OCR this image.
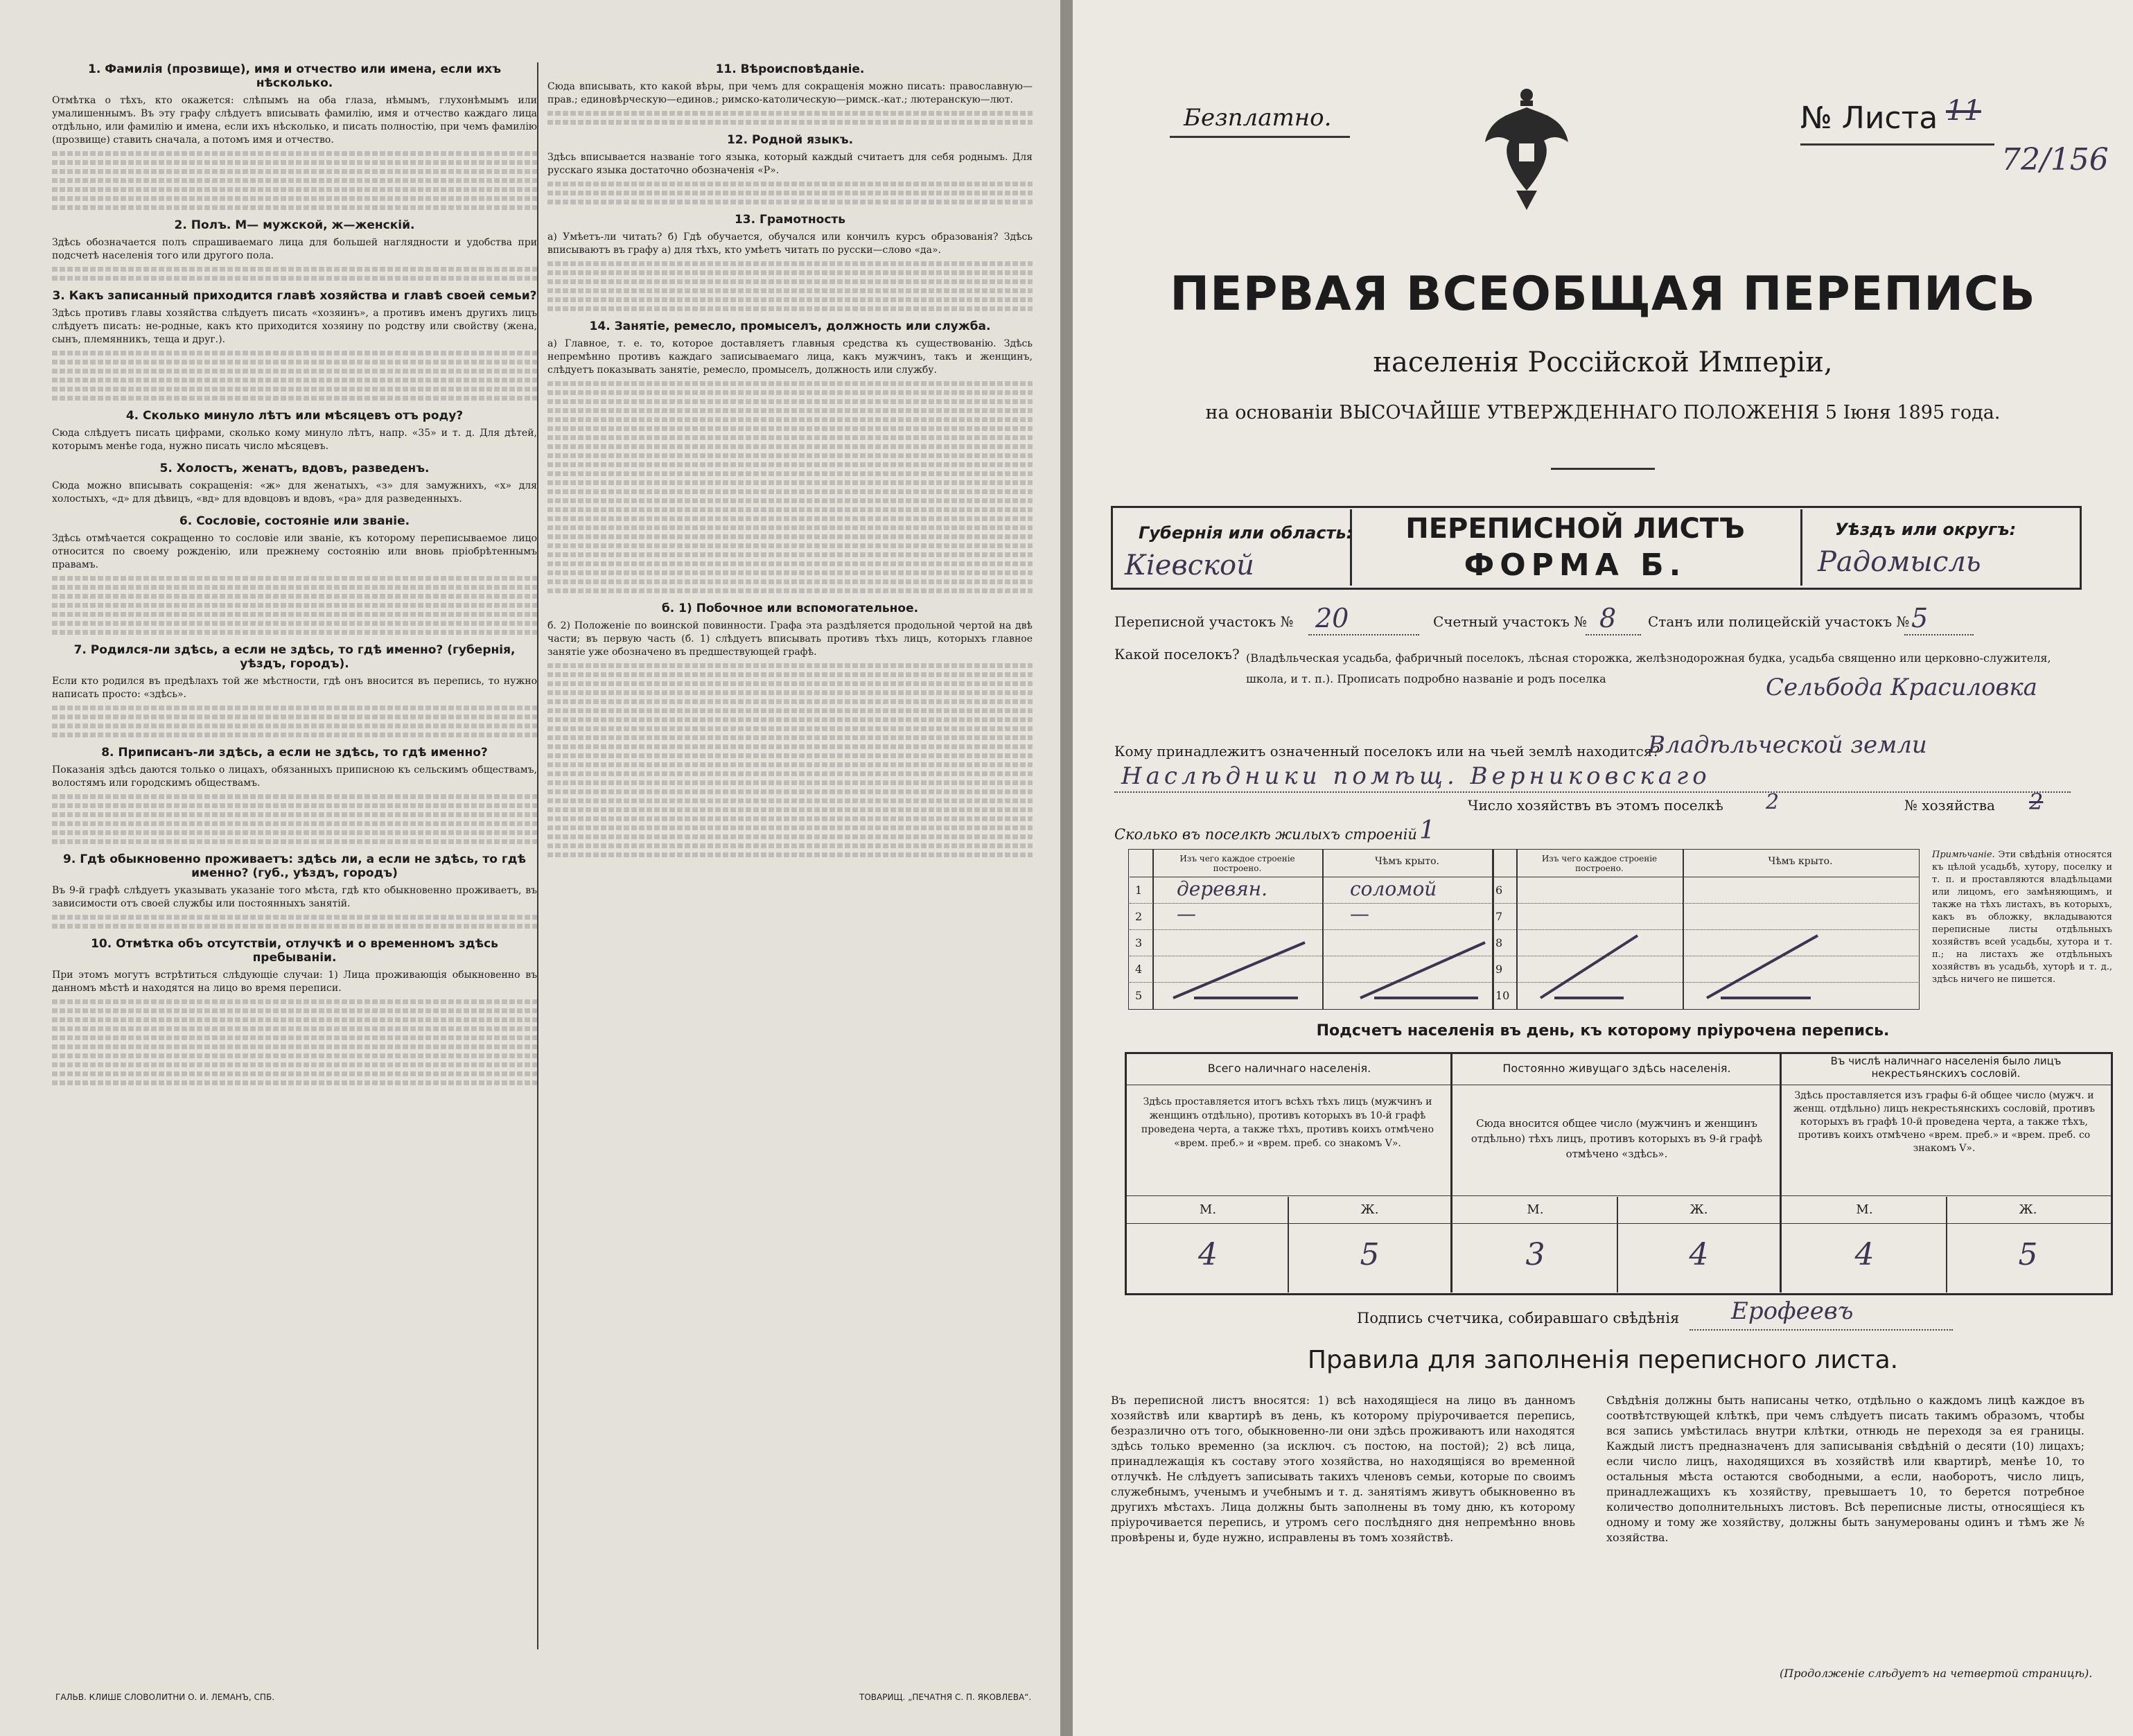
1. Фамилія (прозвище), имя и отчество или имена, если ихъ нѣсколько.
Отмѣтка о тѣхъ, кто окажется: слѣпымъ на оба глаза, нѣмымъ, глухонѣмымъ или умалишеннымъ. Въ эту графу слѣдуетъ вписывать фамилію, имя и отчество каждаго лица отдѣльно, или фамилію и имена, если ихъ нѣсколько, и писать полностію, при чемъ фамилію (прозвище) ставить сначала, а потомъ имя и отчество.
2. Полъ. М— мужской, ж—женскій.
Здѣсь обозначается полъ спрашиваемаго лица для большей наглядности и удобства при подсчетѣ населенія того или другого пола.
3. Какъ записанный приходится главѣ хозяйства и главѣ своей семьи?
Здѣсь противъ главы хозяйства слѣдуетъ писать «хозяинъ», а противъ именъ другихъ лицъ слѣдуетъ писать: не-родные, какъ кто приходится хозяину по родству или свойству (жена, сынъ, племянникъ, теща и друг.).
4. Сколько минуло лѣтъ или мѣсяцевъ отъ роду?
Сюда слѣдуетъ писать цифрами, сколько кому минуло лѣтъ, напр. «35» и т. д. Для дѣтей, которымъ менѣе года, нужно писать число мѣсяцевъ.
5. Холостъ, женатъ, вдовъ, разведенъ.
Сюда можно вписывать сокращенія: «ж» для женатыхъ, «з» для замужнихъ, «х» для холостыхъ, «д» для дѣвицъ, «вд» для вдовцовъ и вдовъ, «ра» для разведенныхъ.
6. Сословіе, состояніе или званіе.
Здѣсь отмѣчается сокращенно то сословіе или званіе, къ которому переписываемое лицо относится по своему рожденію, или прежнему состоянію или вновь пріобрѣтеннымъ правамъ.
7. Родился-ли здѣсь, а если не здѣсь, то гдѣ именно? (губернія, уѣздъ, городъ).
Если кто родился въ предѣлахъ той же мѣстности, гдѣ онъ вносится въ перепись, то нужно написать просто: «здѣсь».
8. Приписанъ-ли здѣсь, а если не здѣсь, то гдѣ именно?
Показанія здѣсь даются только о лицахъ, обязанныхъ приписною къ сельскимъ обществамъ, волостямъ или городскимъ обществамъ.
9. Гдѣ обыкновенно проживаетъ: здѣсь ли, а если не здѣсь, то гдѣ именно? (губ., уѣздъ, городъ)
Въ 9-й графѣ слѣдуетъ указывать указаніе того мѣста, гдѣ кто обыкновенно проживаетъ, въ зависимости отъ своей службы или постоянныхъ занятій.
10. Отмѣтка объ отсутствіи, отлучкѣ и о временномъ здѣсь пребываніи.
При этомъ могутъ встрѣтиться слѣдующіе случаи: 1) Лица проживающія обыкновенно въ данномъ мѣстѣ и находятся на лицо во время переписи.
11. Вѣроисповѣданіе.
Сюда вписывать, кто какой вѣры, при чемъ для сокращенія можно писать: православную—прав.; единовѣрческую—единов.; римско-католическую—римск.-кат.; лютеранскую—лют.
12. Родной языкъ.
Здѣсь вписывается названіе того языка, который каждый считаетъ для себя роднымъ. Для русскаго языка достаточно обозначенія «Р».
13. Грамотность
а) Умѣетъ-ли читать? б) Гдѣ обучается, обучался или кончилъ курсъ образованія? Здѣсь вписываютъ въ графу а) для тѣхъ, кто умѣетъ читать по русски—слово «да».
14. Занятіе, ремесло, промыселъ, должность или служба.
а) Главное, т. е. то, которое доставляетъ главныя средства къ существованію. Здѣсь непремѣнно противъ каждаго записываемаго лица, какъ мужчинъ, такъ и женщинъ, слѣдуетъ показывать занятіе, ремесло, промыселъ, должность или службу.
б. 1) Побочное или вспомогательное.
б. 2) Положеніе по воинской повинности. Графа эта раздѣляется продольной чертой на двѣ части; въ первую часть (б. 1) слѣдуетъ вписывать противъ тѣхъ лицъ, которыхъ главное занятіе уже обозначено въ предшествующей графѣ.
ГАЛЬВ. КЛИШЕ СЛОВОЛИТНИ О. И. ЛЕМАНЪ, СПБ.	ТОВАРИЩ. „ПЕЧАТНЯ С. П. ЯКОВЛЕВА“.
Безплатно.	№ Листа 11
72/156
ПЕРВАЯ ВСЕОБЩАЯ ПЕРЕПИСЬ
населенія Россійской Имперіи,
на основаніи ВЫСОЧАЙШЕ УТВЕРЖДЕННАГО ПОЛОЖЕНІЯ 5 Іюня 1895 года.
Губернія или область:
Кіевской
ПЕРЕПИСНОЙ ЛИСТЪ
ФОРМА Б.
Уѣздъ или округъ:
Радомысль
Переписной участокъ № 20	Счетный участокъ № 8 Станъ или полицейскій участокъ № 5
Какой поселокъ? (Владѣльческая усадьба, фабричный поселокъ, лѣсная сторожка, желѣзнодорожная будка, усадьба священно или церковно-служителя, школа, и т. п.). Прописать подробно названіе и родъ поселка	Сельбода Красиловка
Кому принадлежитъ означенный поселокъ или на чьей землѣ находится?
Владѣльческой земли
Наслѣдники помѣщ. Верниковскаго
Число хозяйствъ въ этомъ поселкѣ 2	№ хозяйства 2
Сколько въ поселкѣ жилыхъ строеній 1
Изъ чего каждое строеніе построено.
Чѣмъ крыто.	Изъ чего каждое строеніе построено.
Чѣмъ крыто.
1 деревян.	соломой
2 —	—
3
4
5
6
7
8
9
10
Примѣчаніе. Эти свѣдѣнія относятся къ цѣлой усадьбѣ, хутору, поселку и т. п. и проставляются владѣльцами или лицомъ, его замѣняющимъ, и также на тѣхъ листахъ, въ которыхъ, какъ въ обложку, вкладываются переписные листы отдѣльныхъ хозяйствъ всей усадьбы, хутора и т. п.; на листахъ же отдѣльныхъ хозяйствъ въ усадьбѣ, хуторѣ и т. д., здѣсь ничего не пишется.
Подсчетъ населенія въ день, къ которому пріурочена перепись.
Всего наличнаго населенія.	Постоянно живущаго здѣсь населенія.
Въ числѣ наличнаго населенія было лицъ некрестьянскихъ сословій.
Здѣсь проставляется итогъ всѣхъ тѣхъ лицъ (мужчинъ и женщинъ отдѣльно), противъ которыхъ въ 10-й графѣ проведена черта, а также тѣхъ, противъ коихъ отмѣчено «врем. преб.» и «врем. преб. со знакомъ V».
Сюда вносится общее число (мужчинъ и женщинъ отдѣльно) тѣхъ лицъ, противъ которыхъ въ 9-й графѣ отмѣчено «здѣсь».
Здѣсь проставляется изъ графы 6-й общее число (мужч. и женщ. отдѣльно) лицъ некрестьянскихъ сословій, противъ которыхъ въ графѣ 10-й проведена черта, а также тѣхъ, противъ коихъ отмѣчено «врем. преб.» и «врем. преб. со знакомъ V».
М.	Ж.	М.	Ж.	М.	Ж.
4	5	3	4	4	5
Подпись счетчика, собиравшаго свѣдѣнія Ерофеевъ
Правила для заполненія переписного листа.
Въ переписной листъ вносятся: 1) всѣ находящіеся на лицо въ данномъ хозяйствѣ или квартирѣ въ день, къ которому пріурочивается перепись, безразлично отъ того, обыкновенно-ли они здѣсь проживаютъ или находятся здѣсь только временно (за исключ. съ постою, на постой); 2) всѣ лица, принадлежащія къ составу этого хозяйства, но находящіяся во временной отлучкѣ. Не слѣдуетъ записывать такихъ членовъ семьи, которые по своимъ служебнымъ, ученымъ и учебнымъ и т. д. занятіямъ живутъ обыкновенно въ другихъ мѣстахъ. Лица должны быть заполнены въ тому дню, къ которому пріурочивается перепись, и утромъ сего послѣдняго дня непремѣнно вновь провѣрены и, буде нужно, исправлены въ томъ хозяйствѣ.
Свѣдѣнія должны быть написаны четко, отдѣльно о каждомъ лицѣ каждое въ соотвѣтствующей клѣткѣ, при чемъ слѣдуетъ писать такимъ образомъ, чтобы вся запись умѣстилась внутри клѣтки, отнюдь не переходя за ея границы. Каждый листъ предназначенъ для записыванія свѣдѣній о десяти (10) лицахъ; если число лицъ, находящихся въ хозяйствѣ или квартирѣ, менѣе 10, то остальныя мѣста остаются свободными, а если, наоборотъ, число лицъ, принадлежащихъ къ хозяйству, превышаетъ 10, то берется потребное количество дополнительныхъ листовъ. Всѣ переписные листы, относящіеся къ одному и тому же хозяйству, должны быть занумерованы одинъ и тѣмъ же № хозяйства.
(Продолженіе слѣдуетъ на четвертой страницѣ).
